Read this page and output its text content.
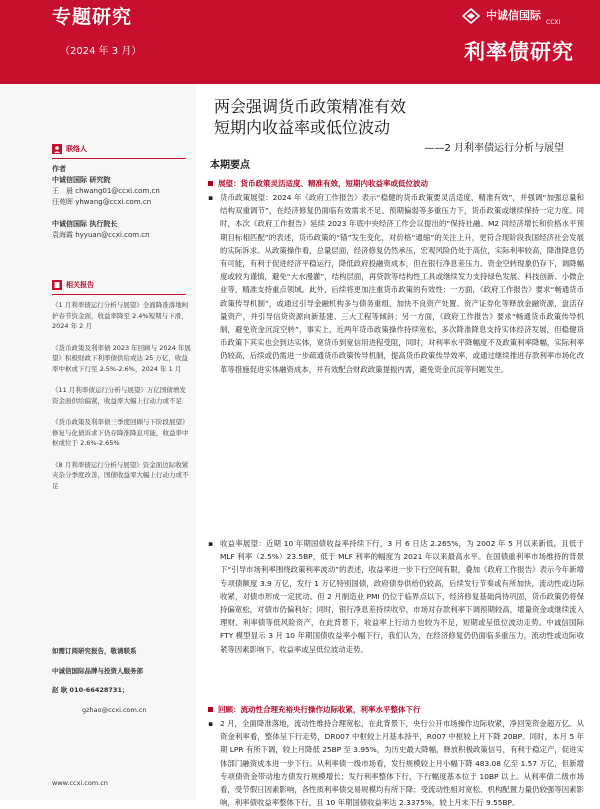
专题研究
（2024 年 3 月）
中诚信国际
CCXI
利率债研究
联络人
作者
中诚信国际 研究院
王　晨 chwang01@ccxi.com.cn
汪苑晖 yhwang@ccxi.com.cn
中诚信国际 执行院长
袁海霞 hyyuan@ccxi.com.cn
相关报告

《1 月利率债运行分析与展望》全面降准落地呵护春节资金面，收益率降至 2.4%短期与下滑，2024 年 2 月

《货币政策及利率债 2023 年回顾与 2024 年展望》积极财政下利率债供给或达 25 万亿，收益率中枢或下行至 2.5%-2.6%，2024 年 1 月

《11 月利率债运行分析与展望》万亿国债增发资金面供给偏紧，收益率大幅上行动力或不足

《货币政策及利率债三季度回顾与下阶段展望》修复与化债诉求下仍存降准降息可能，收益率中枢或位于 2.6%-2.65%

《8 月利率债运行分析与展望》资金面边际收紧夹杂分季度改善，国债收益率大幅上行动力或不足

如需订阅研究报告，敬请联系
中诚信国际品牌与投资人服务部
赵 耿 010-66428731；
gzhao@ccxi.com.cn
www.ccxi.com.cn
两会强调货币政策精准有效
短期内收益率或低位波动
——2 月利率债运行分析与展望
本期要点
展望：货币政策灵活适度、精准有效，短期内收益率或低位波动
▪ 货币政策展望：2024 年《政府工作报告》表示“稳健的货币政策要灵活适度、精准有效”，并强调“加强总量和结构双重调节”，在经济修复仍面临有效需求不足、预期偏弱等多重压力下，货币政策或继续保持一定力度。同时，本次《政府工作报告》延续 2023 年底中央经济工作会议提出的“保持社融、M2 同经济增长和价格水平预期目标相匹配”的表述，货币政策的“锚”发生变化，对价格“通缩”的关注上升，更符合现阶段我国经济社会发展的实际诉求。从政策操作看，总量层面，经济修复仍然承压，宏观风险仍处于高位，实际利率较高，降准降息仍有可能，有利于促进经济平稳运行，降低政府投融资成本，但在银行净息差压力、资金空转现象仍存下，调降幅度或较为谨慎，避免“大水漫灌”，结构层面，再贷款等结构性工具或继续发力支持绿色发展、科技创新、小微企业等，精准支持重点领域。此外，后续将更加注重货币政策的有效性：一方面，《政府工作报告》要求“畅通货币政策传导机制”，或通过引导金融机构多与债务重组、加快不良资产处置、资产证券化等释放金融资源，盘活存量资产，并引导信贷资源向新基建、三大工程等倾斜；另一方面，《政府工作报告》要求“畅通货币政策传导机制，避免资金沉淀空转”，事实上，近两年货币政策操作持续宽松，多次降准降息支持实体经济发展，但稳健货币政策下其实也会到达实体，宽货币到宽信用进程受阻，同时，对利率水平降幅度不及政策利率降幅，实际利率仍较高，后续或仍需进一步疏通货币政策传导机制，提高货币政策传导效率，或通过继续推进存款利率市场化改革等措施促进实体融资成本，并有效配合财政政策提振内需，避免资金沉淀等问题发生。
▪ 收益率展望：近期 10 年期国债收益率持续下行，3 月 6 日达 2.265%，为 2002 年 5 月以来新低，且低于 MLF 利率（2.5%）23.5BP，低于 MLF 利率的幅度为 2021 年以来最高水平。在国债重利率市场维持的背景下“引导市场利率围绕政策利率波动”的表述，收益率进一步下行空间有限，叠加《政府工作报告》表示今年新增专项债额度 3.9 万亿，发行 1 万亿特别国债，政府债券供给仍较高，后续发行节奏或有所加快，流动性或边际收紧，对债市形成一定扰动。但 2 月制造业 PMI 仍位于临界点以下，经济修复基础尚待巩固，货币政策仍将保持偏宽松，对债市仍偏利好；同时，银行净息差持续收窄，市场对存款利率下调预期较高，增量资金或继续流入理财、利率债等低风险资产，在此背景下，收益率上行动力也较为不足，短期或呈低位波动走势。中诚信国际 FTY 模型显示 3 月 10 年期国债收益率小幅下行，我们认为，在经济修复仍仍面临多重压力，流动性或边际收紧等因素影响下，收益率或呈低位波动走势。
回顾：流动性合理充裕央行操作边际收紧，利率水平整体下行
▪ 2 月，全面降准落地，流动性维持合理宽松，在此背景下，央行公开市场操作边际收紧，净回笼资金超万亿。从资金利率看，整体呈下行走势，DR007 中枢较上月基本持平，R007 中枢较上月下降 20BP。同时，本月 5 年期 LPR 有所下调，较上月降低 25BP 至 3.95%，为历史最大降幅，释放积极政策信号，有利于稳定产，促进实体部门融资成本进一步下行。从利率债一级市场看，发行规模较上月小幅下降 483.08 亿至 1.57 万亿，但新增专项债资金带动地方债发行规模增长；发行利率整体下行，下行幅度基本位于 10BP 以上。从利率债二级市场看，受节假日因素影响，各性质利率债交易规模均有所下降；受流动性相对宽松、机构配置力量仍较强等因素影响，利率债收益率整体下行，且 10 年期国债收益率达 2.3375%，较上月末下行 9.55BP。
